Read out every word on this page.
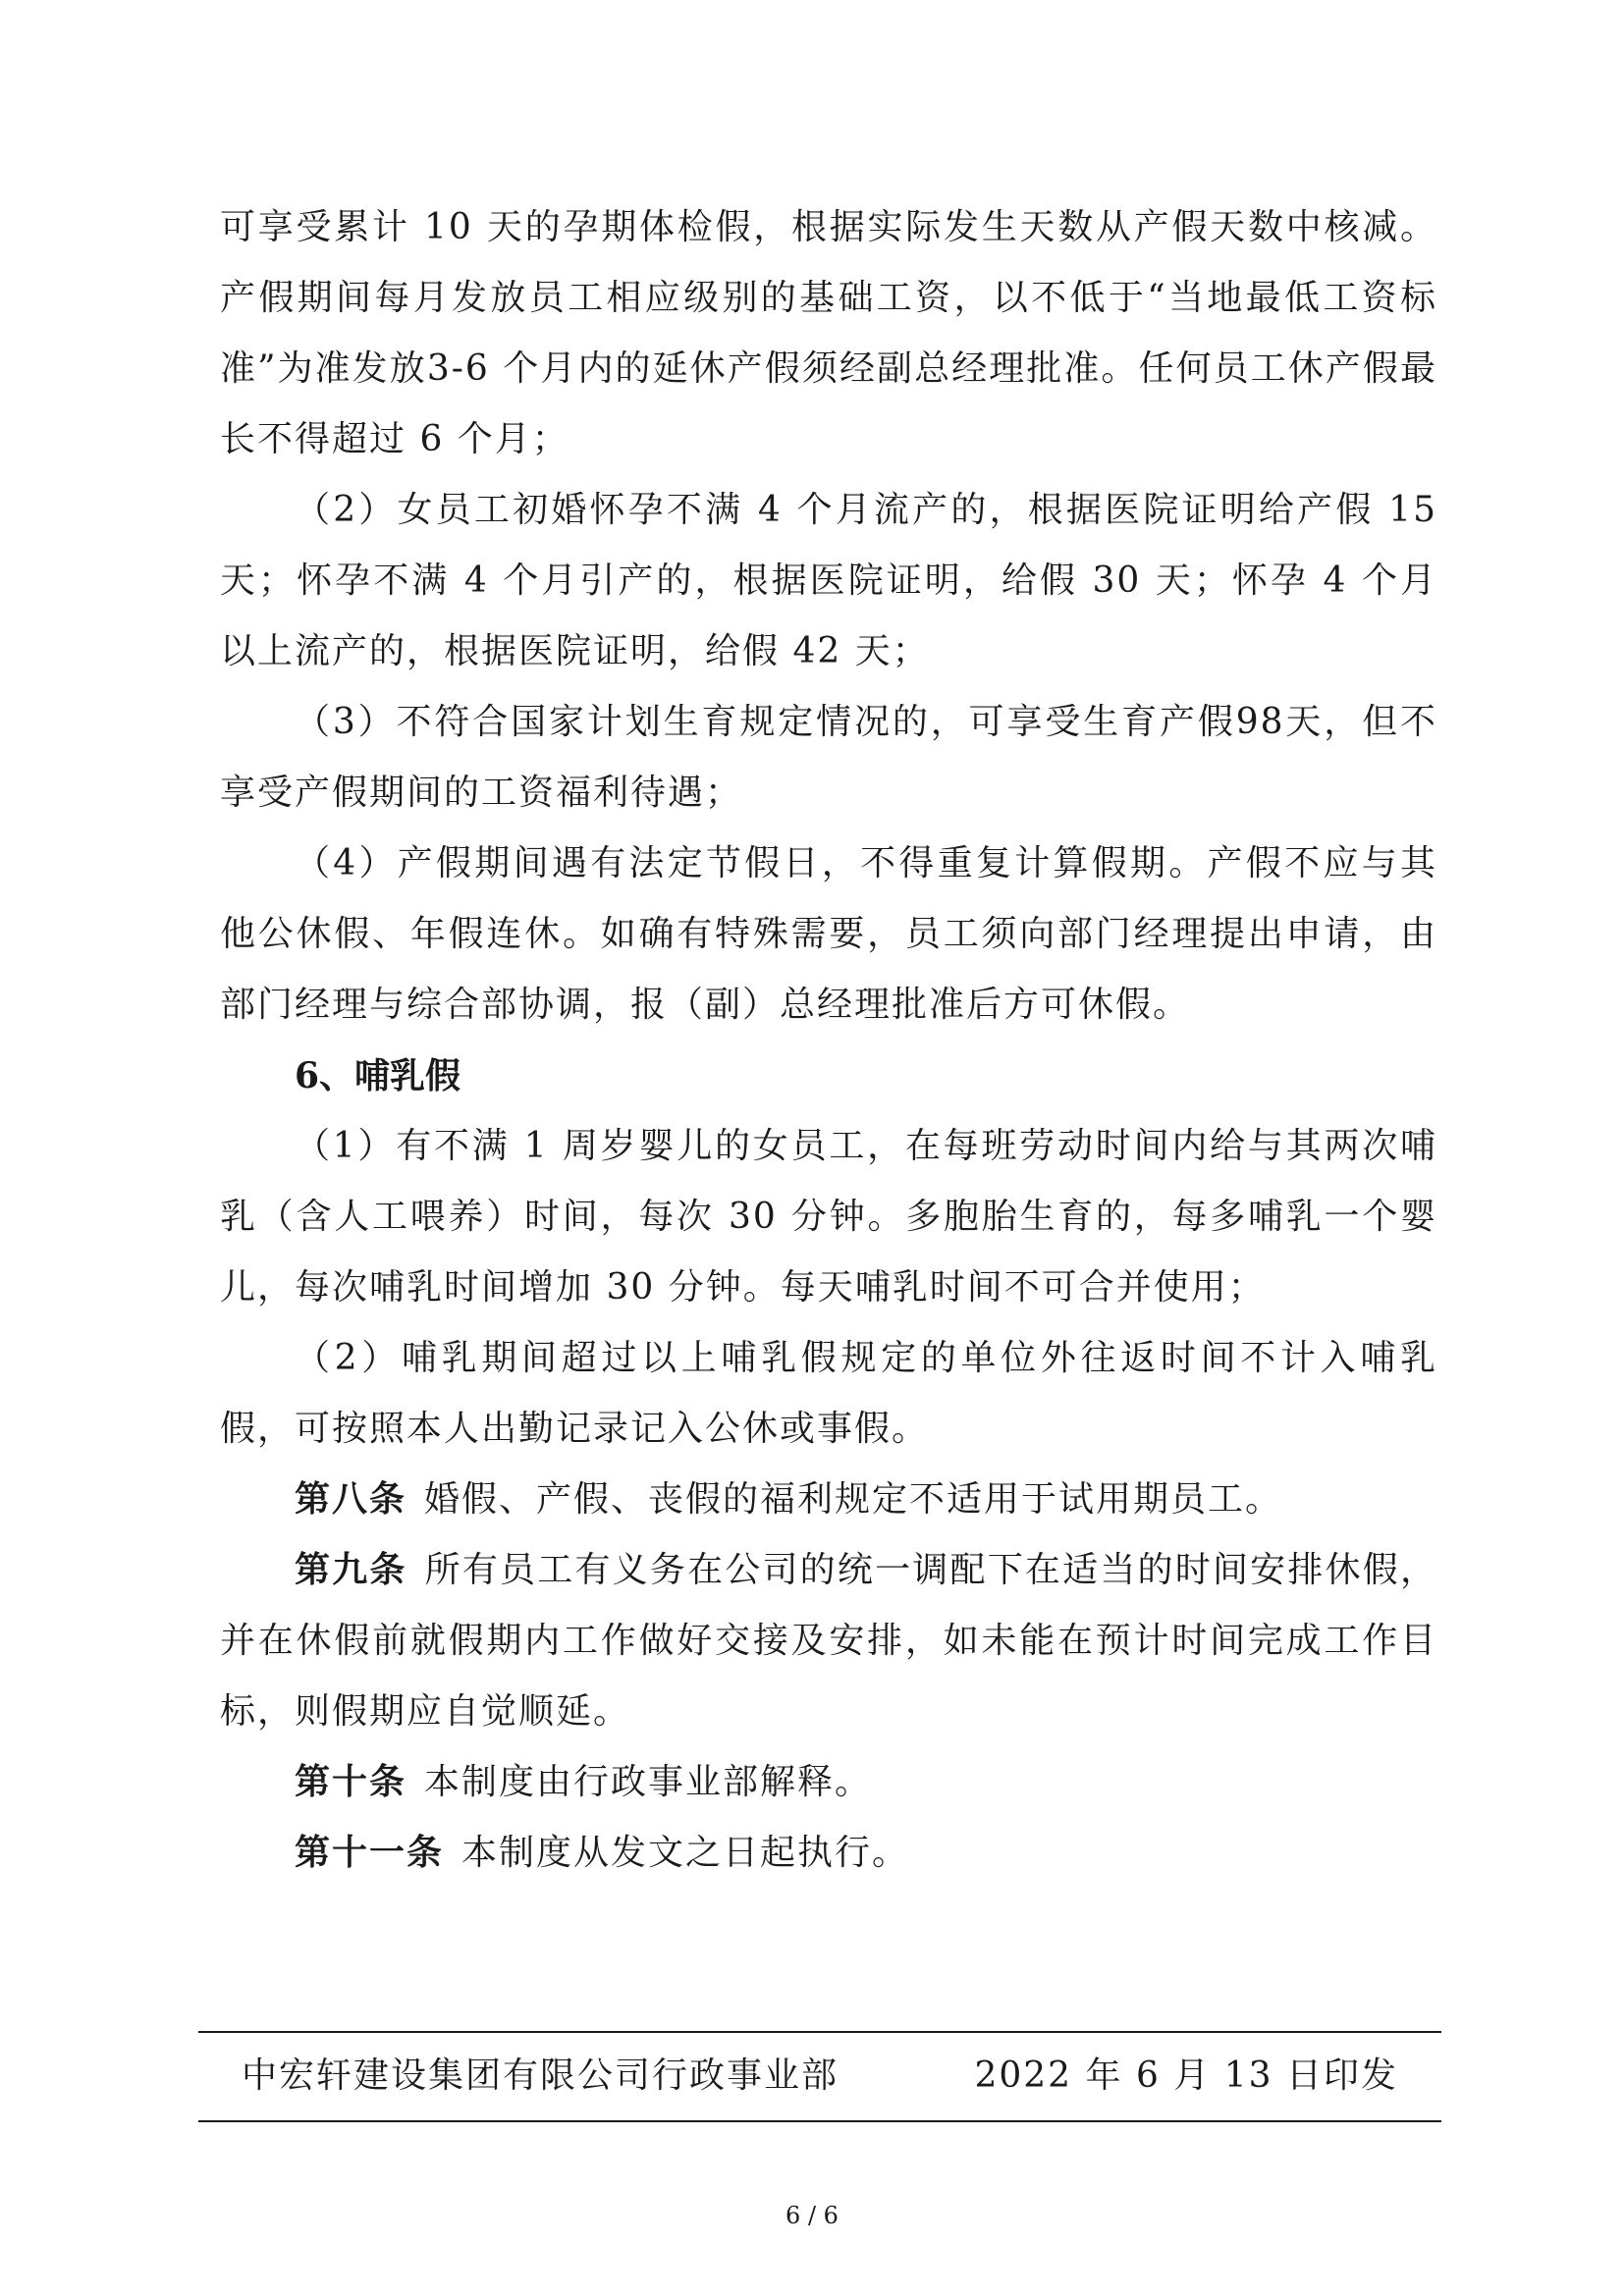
可享受累计 10 天的孕期体检假，根据实际发生天数从产假天数中核减。产假期间每月发放员工相应级别的基础工资，以不低于“当地最低工资标准”为准发放3-6 个月内的延休产假须经副总经理批准。任何员工休产假最长不得超过 6 个月；

（2）女员工初婚怀孕不满 4 个月流产的，根据医院证明给产假 15 天；怀孕不满 4 个月引产的，根据医院证明，给假 30 天；怀孕 4 个月以上流产的，根据医院证明，给假 42 天；

（3）不符合国家计划生育规定情况的，可享受生育产假98天，但不享受产假期间的工资福利待遇；

（4）产假期间遇有法定节假日，不得重复计算假期。产假不应与其他公休假、年假连休。如确有特殊需要，员工须向部门经理提出申请，由部门经理与综合部协调，报（副）总经理批准后方可休假。

6、哺乳假

（1）有不满 1 周岁婴儿的女员工，在每班劳动时间内给与其两次哺乳（含人工喂养）时间，每次 30 分钟。多胞胎生育的，每多哺乳一个婴儿，每次哺乳时间增加 30 分钟。每天哺乳时间不可合并使用；

（2）哺乳期间超过以上哺乳假规定的单位外往返时间不计入哺乳假，可按照本人出勤记录记入公休或事假。

第八条 婚假、产假、丧假的福利规定不适用于试用期员工。

第九条 所有员工有义务在公司的统一调配下在适当的时间安排休假，并在休假前就假期内工作做好交接及安排，如未能在预计时间完成工作目标，则假期应自觉顺延。

第十条 本制度由行政事业部解释。

第十一条 本制度从发文之日起执行。

中宏轩建设集团有限公司行政事业部	2022 年 6 月 13 日印发
6 / 6
